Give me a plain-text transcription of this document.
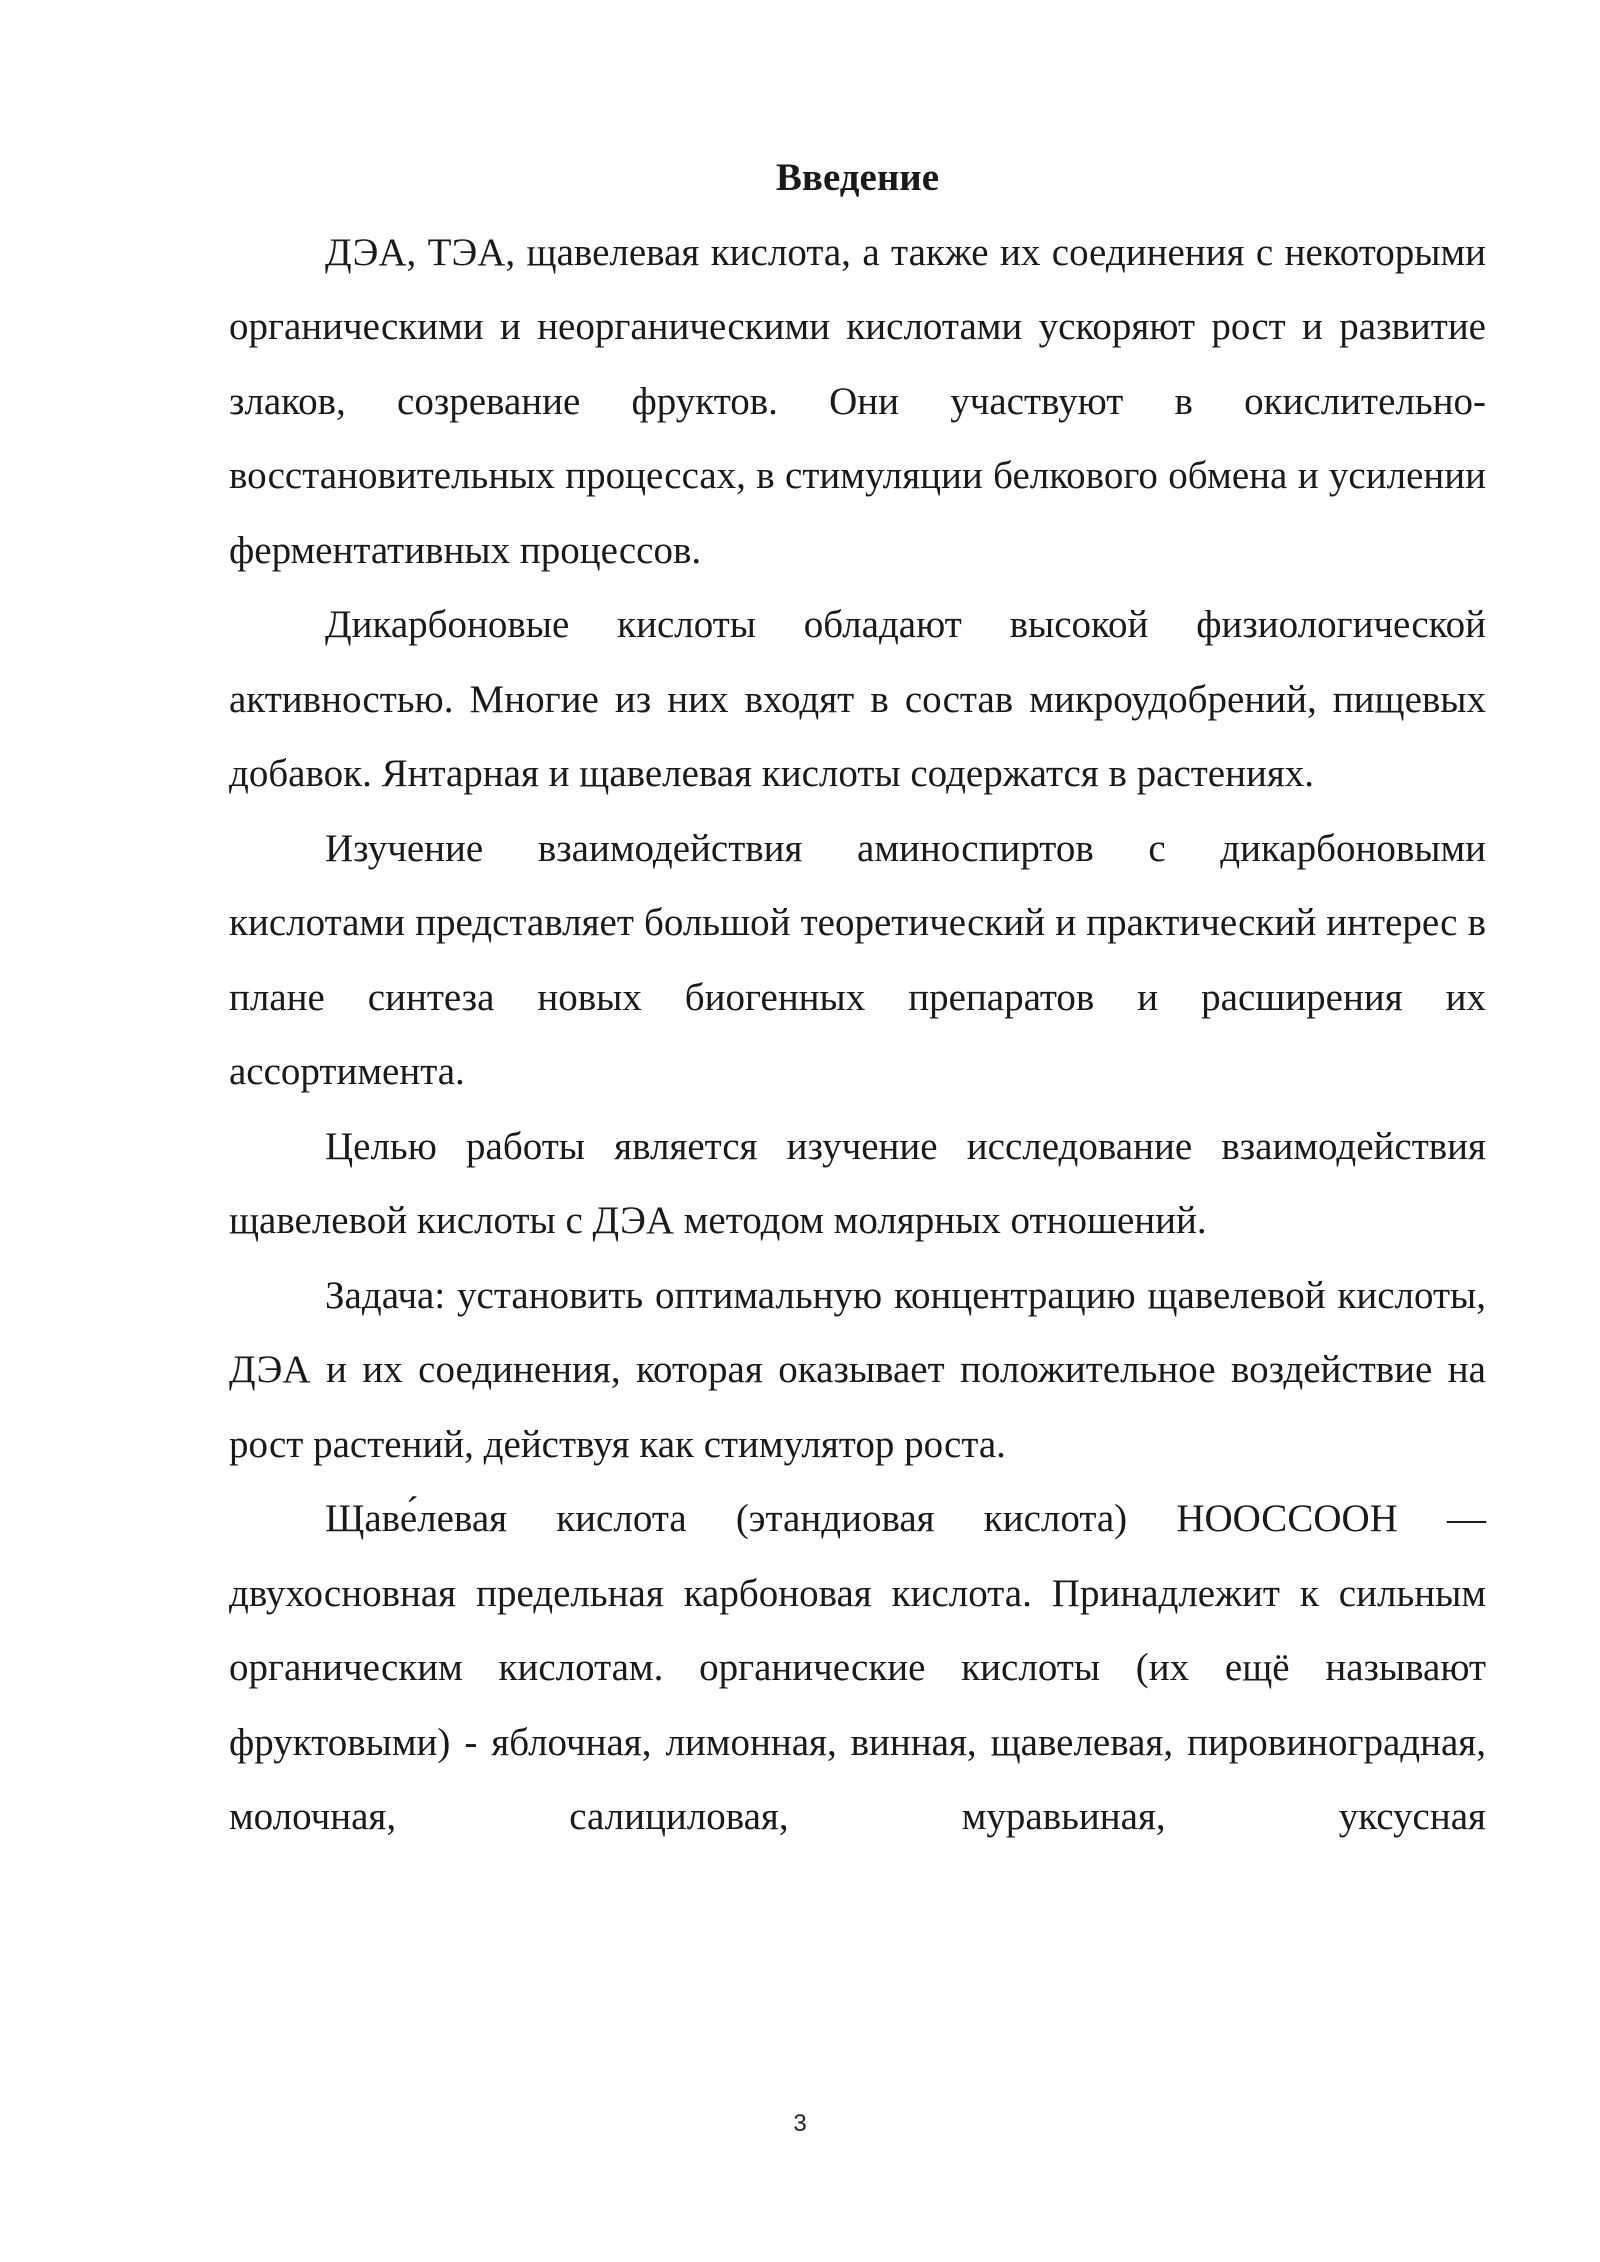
Введение

ДЭА, ТЭА, щавелевая кислота, а также их соединения с некоторыми органическими и неорганическими кислотами ускоряют рост и развитие злаков, созревание фруктов. Они участвуют в окислительно-восстановительных процессах, в стимуляции белкового обмена и усилении ферментативных процессов.

Дикарбоновые кислоты обладают высокой физиологической активностью. Многие из них входят в состав микроудобрений, пищевых добавок. Янтарная и щавелевая кислоты содержатся в растениях.

Изучение взаимодействия аминоспиртов с дикарбоновыми кислотами представляет большой теоретический и практический интерес в плане синтеза новых биогенных препаратов и расширения их ассортимента.

Целью работы является изучение исследование взаимодействия щавелевой кислоты с ДЭА методом молярных отношений.

Задача: установить оптимальную концентрацию щавелевой кислоты, ДЭА и их соединения, которая оказывает положительное воздействие на рост растений, действуя как стимулятор роста.

Щаве́левая кислота (этандиовая кислота) НООССООН — двухосновная предельная карбоновая кислота. Принадлежит к сильным органическим кислотам. органические кислоты (их ещё называют фруктовыми) - яблочная, лимонная, винная, щавелевая, пировиноградная, молочная, салициловая, муравьиная, уксусная

3
